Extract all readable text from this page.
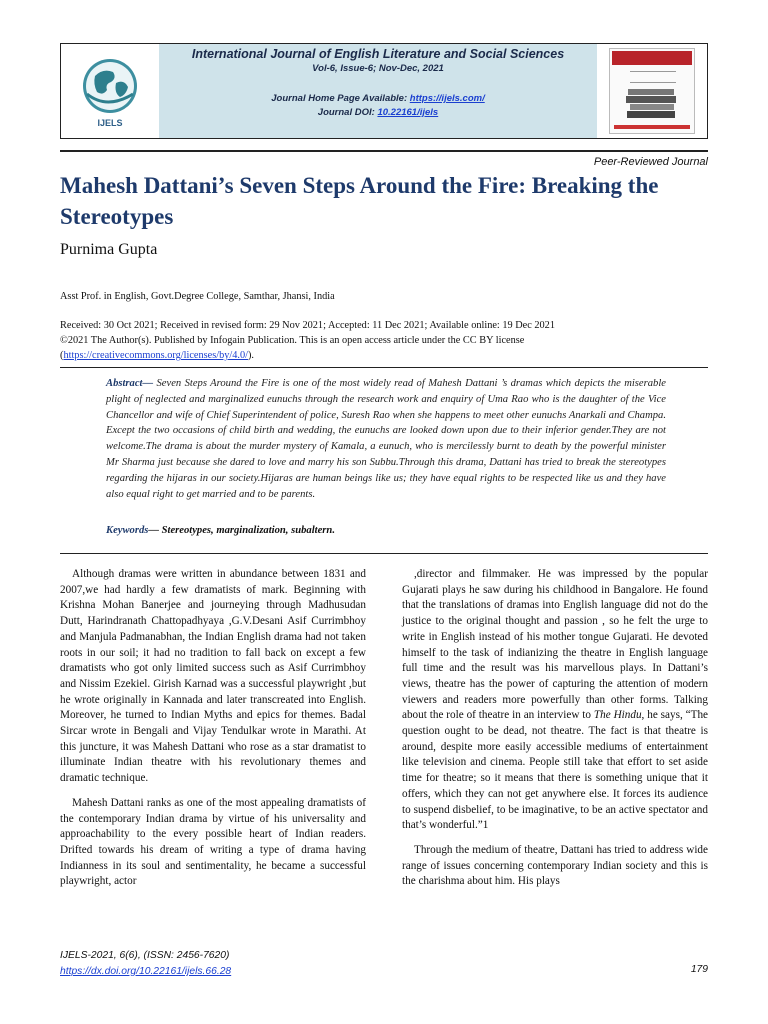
IJELS
International Journal of English Literature and Social Sciences
Vol-6, Issue-6; Nov-Dec, 2021
Journal Home Page Available: https://ijels.com/
Journal DOI: 10.22161/ijels
Peer-Reviewed Journal
Mahesh Dattani’s Seven Steps Around the Fire: Breaking the Stereotypes
Purnima Gupta
Asst Prof. in English, Govt.Degree College, Samthar, Jhansi, India
Received: 30 Oct 2021; Received in revised form: 29 Nov 2021; Accepted: 11 Dec 2021; Available online: 19 Dec 2021
©2021 The Author(s). Published by Infogain Publication. This is an open access article under the CC BY license
(https://creativecommons.org/licenses/by/4.0/).

Abstract— Seven Steps Around the Fire is one of the most widely read of Mahesh Dattani ’s dramas which depicts the miserable plight of neglected and marginalized eunuchs through the research work and enquiry of Uma Rao who is the daughter of the Vice Chancellor and wife of Chief Superintendent of police, Suresh Rao when she happens to meet other eunuchs Anarkali and Champa. Except the two occasions of child birth and wedding, the eunuchs are looked down upon due to their inferior gender.They are not welcome.The drama is about the murder mystery of Kamala, a eunuch, who is mercilessly burnt to death by the powerful minister Mr Sharma just because she dared to love and marry his son Subbu.Through this drama, Dattani has tried to break the stereotypes regarding the hijaras in our society.Hijaras are human beings like us; they have equal rights to be respected like us and they have also equal right to get married and to be parents.

Keywords— Stereotypes, marginalization, subaltern.

Although dramas were written in abundance between 1831 and 2007,we had hardly a few dramatists of mark. Beginning with Krishna Mohan Banerjee and journeying through Madhusudan Dutt, Harindranath Chattopadhyaya ,G.V.Desani Asif Currimbhoy and Manjula Padmanabhan, the Indian English drama had not taken roots in our soil; it had no tradition to fall back on except a few dramatists who got only limited success such as Asif Currimbhoy and Nissim Ezekiel. Girish Karnad was a successful playwright ,but he wrote originally in Kannada and later transcreated into English. Moreover, he turned to Indian Myths and epics for themes. Badal Sircar wrote in Bengali and Vijay Tendulkar wrote in Marathi. At this juncture, it was Mahesh Dattani who rose as a star dramatist to illuminate Indian theatre with his revolutionary themes and dramatic technique.

Mahesh Dattani ranks as one of the most appealing dramatists of the contemporary Indian drama by virtue of his universality and approachability to the every possible heart of Indian readers. Drifted towards his dream of writing a type of drama having Indianness in its soul and sentimentality, he became a successful playwright, actor

,director and filmmaker. He was impressed by the popular Gujarati plays he saw during his childhood in Bangalore. He found that the translations of dramas into English language did not do the justice to the original thought and passion , so he felt the urge to write in English instead of his mother tongue Gujarati. He devoted himself to the task of indianizing the theatre in English language full time and the result was his marvellous plays. In Dattani’s views, theatre has the power of capturing the attention of modern viewers and readers more powerfully than other forms. Talking about the role of theatre in an interview to The Hindu, he says, “The question ought to be dead, not theatre. The fact is that theatre is around, despite more easily accessible mediums of entertainment like television and cinema. People still take that effort to set aside time for theatre; so it means that there is something unique that it offers, which they can not get anywhere else. It forces its audience to suspend disbelief, to be imaginative, to be an active spectator and that’s wonderful.”1

Through the medium of theatre, Dattani has tried to address wide range of issues concerning contemporary Indian society and this is the charishma about him. His plays

IJELS-2021, 6(6), (ISSN: 2456-7620)
https://dx.doi.org/10.22161/ijels.66.28	179
